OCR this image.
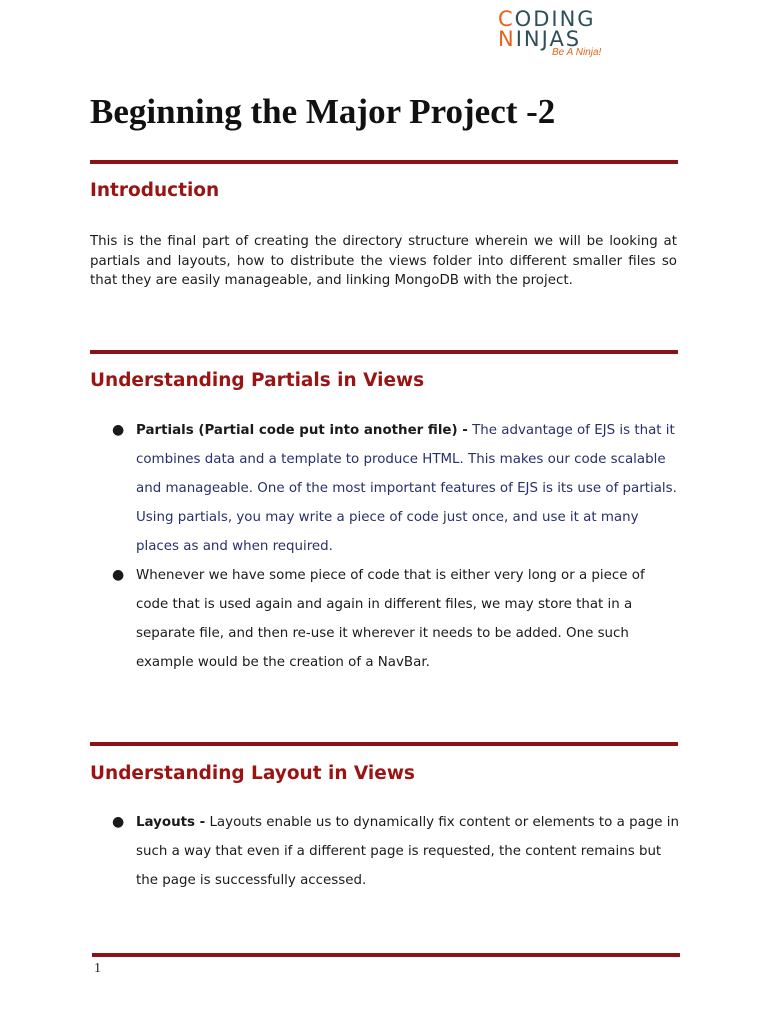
CODING
NINJAS
Be A Ninja!
Beginning the Major Project -2
Introduction

This is the final part of creating the directory structure wherein we will be looking at partials and layouts, how to distribute the views folder into different smaller files so that they are easily manageable, and linking MongoDB with the project.

Understanding Partials in Views
● Partials (Partial code put into another file) - The advantage of EJS is that it combines data and a template to produce HTML. This makes our code scalable and manageable. One of the most important features of EJS is its use of partials. Using partials, you may write a piece of code just once, and use it at many places as and when required.
● Whenever we have some piece of code that is either very long or a piece of code that is used again and again in different files, we may store that in a separate file, and then re-use it wherever it needs to be added. One such example would be the creation of a NavBar.
Understanding Layout in Views
● Layouts - Layouts enable us to dynamically fix content or elements to a page in such a way that even if a different page is requested, the content remains but the page is successfully accessed.
1
